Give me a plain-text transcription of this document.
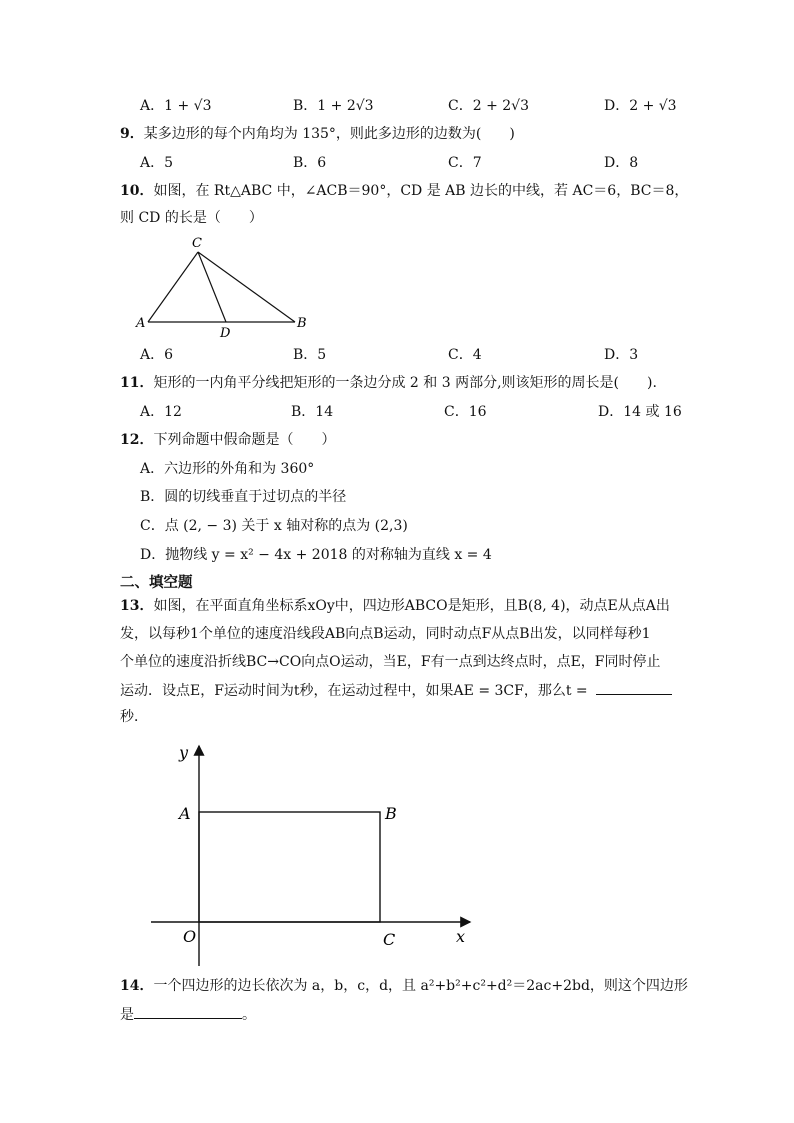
A．1 + √3	B．1 + 2√3	C．2 + 2√3	D．2 + √3
9．某多边形的每个内角均为 135°，则此多边形的边数为(　　)
A．5	B．6	C．7	D．8
10．如图，在 Rt△ABC 中，∠ACB＝90°，CD 是 AB 边长的中线，若 AC＝6，BC＝8，
则 CD 的长是（　　）
C
A	B
D
A．6	B．5	C．4	D．3
11．矩形的一内角平分线把矩形的一条边分成 2 和 3 两部分,则该矩形的周长是(　　).
A．12	B．14	C．16	D．14 或 16
12．下列命题中假命题是（　　）
A．六边形的外角和为 360°
B．圆的切线垂直于过切点的半径
C．点 (2, − 3) 关于 x 轴对称的点为 (2,3)
D．抛物线 y = x² − 4x + 2018 的对称轴为直线 x = 4
二、填空题
13．如图，在平面直角坐标系xOy中，四边形ABCO是矩形，且B(8, 4)，动点E从点A出
发，以每秒1个单位的速度沿线段AB向点B运动，同时动点F从点B出发，以同样每秒1
个单位的速度沿折线BC→CO向点O运动，当E，F有一点到达终点时，点E，F同时停止
运动．设点E，F运动时间为t秒，在运动过程中，如果AE = 3CF，那么t =
秒．
y
x
A	B
O	C
14．一个四边形的边长依次为 a，b，c，d，且 a²+b²+c²+d²＝2ac+2bd，则这个四边形
是	。
